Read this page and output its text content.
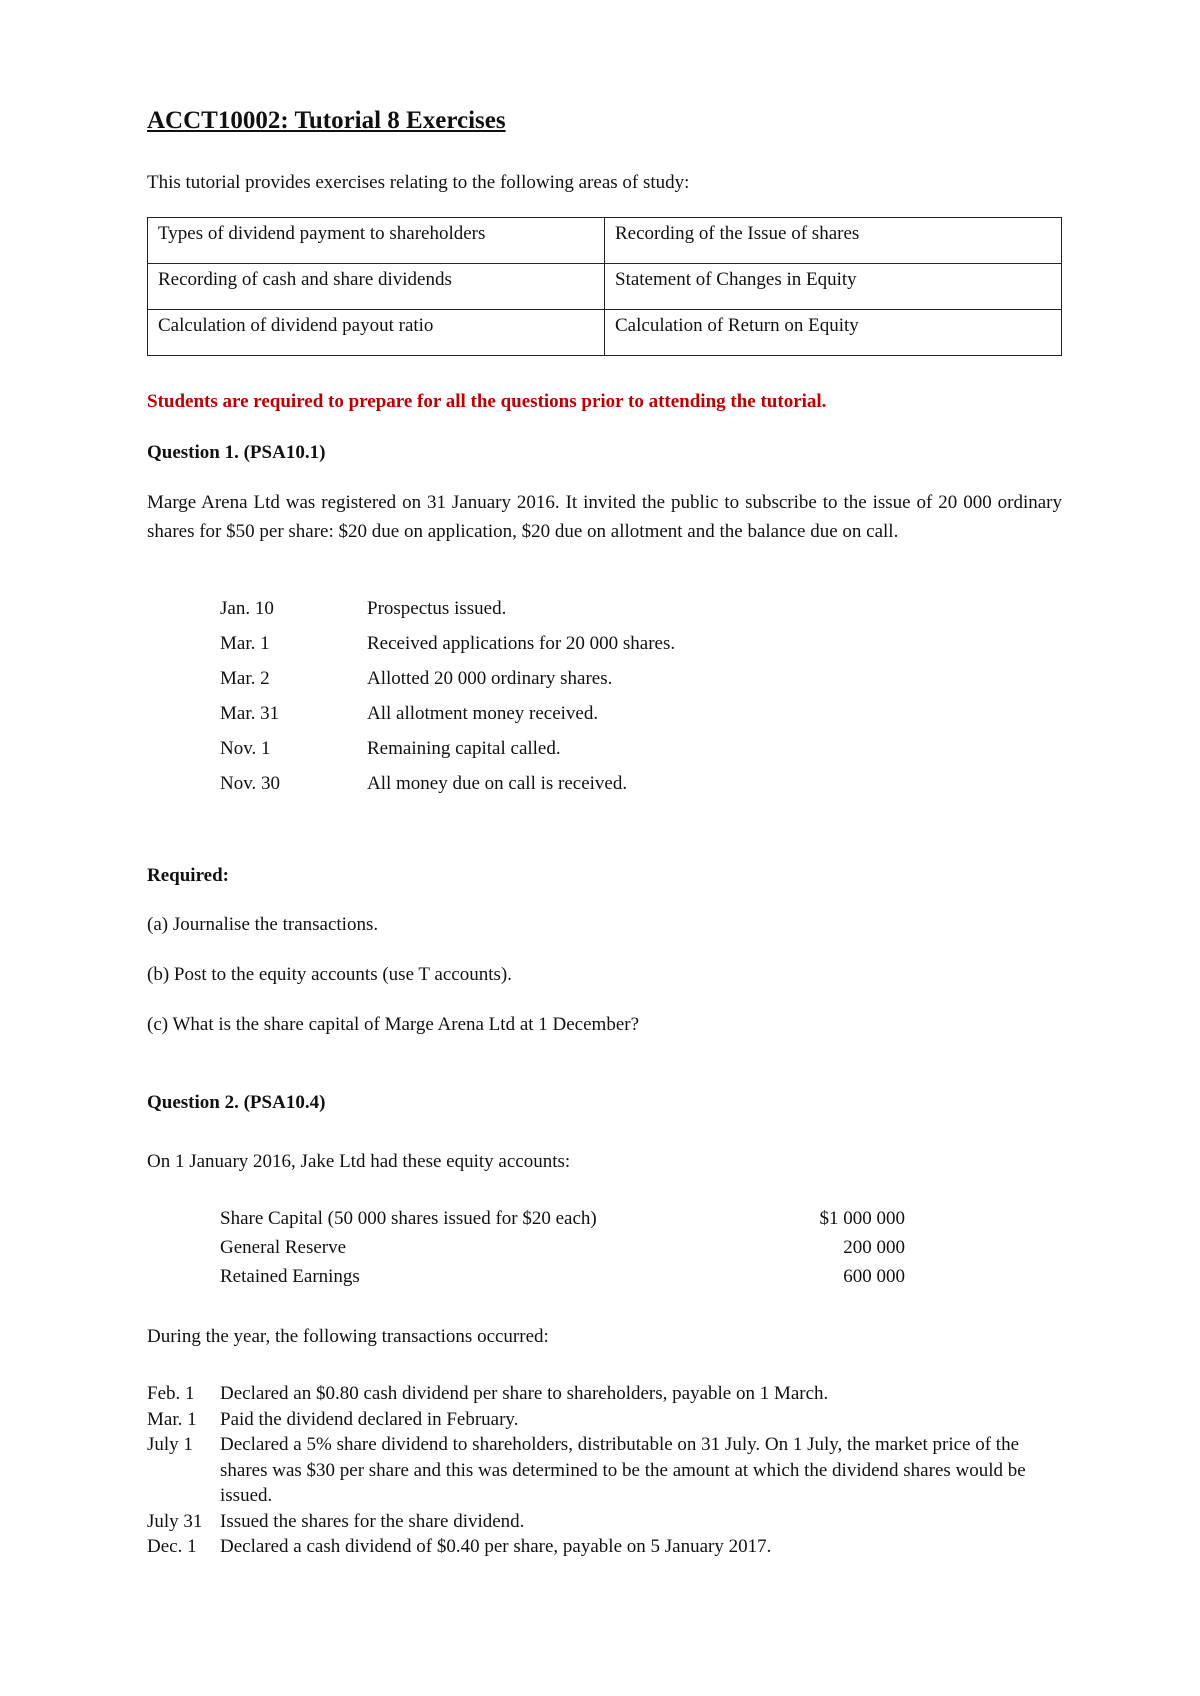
ACCT10002: Tutorial 8 Exercises
This tutorial provides exercises relating to the following areas of study:
Types of dividend payment to shareholders	Recording of the Issue of shares
Recording of cash and share dividends	Statement of Changes in Equity
Calculation of dividend payout ratio	Calculation of Return on Equity
Students are required to prepare for all the questions prior to attending the tutorial.
Question 1. (PSA10.1)
Marge Arena Ltd was registered on 31 January 2016. It invited the public to subscribe to the issue of 20 000 ordinary shares for $50 per share: $20 due on application, $20 due on allotment and the balance due on call.
Jan. 10	Prospectus issued.
Mar. 1	Received applications for 20 000 shares.
Mar. 2	Allotted 20 000 ordinary shares.
Mar. 31	All allotment money received.
Nov. 1	Remaining capital called.
Nov. 30	All money due on call is received.
Required:
(a) Journalise the transactions.
(b) Post to the equity accounts (use T accounts).
(c) What is the share capital of Marge Arena Ltd at 1 December?
Question 2. (PSA10.4)
On 1 January 2016, Jake Ltd had these equity accounts:
Share Capital (50 000 shares issued for $20 each)	$1 000 000
General Reserve	200 000
Retained Earnings	600 000
During the year, the following transactions occurred:
Feb. 1	Declared an $0.80 cash dividend per share to shareholders, payable on 1 March.
Mar. 1	Paid the dividend declared in February.
July 1	Declared a 5% share dividend to shareholders, distributable on 31 July. On 1 July, the market price of the shares was $30 per share and this was determined to be the amount at which the dividend shares would be issued.
July 31 Issued the shares for the share dividend.
Dec. 1	Declared a cash dividend of $0.40 per share, payable on 5 January 2017.
